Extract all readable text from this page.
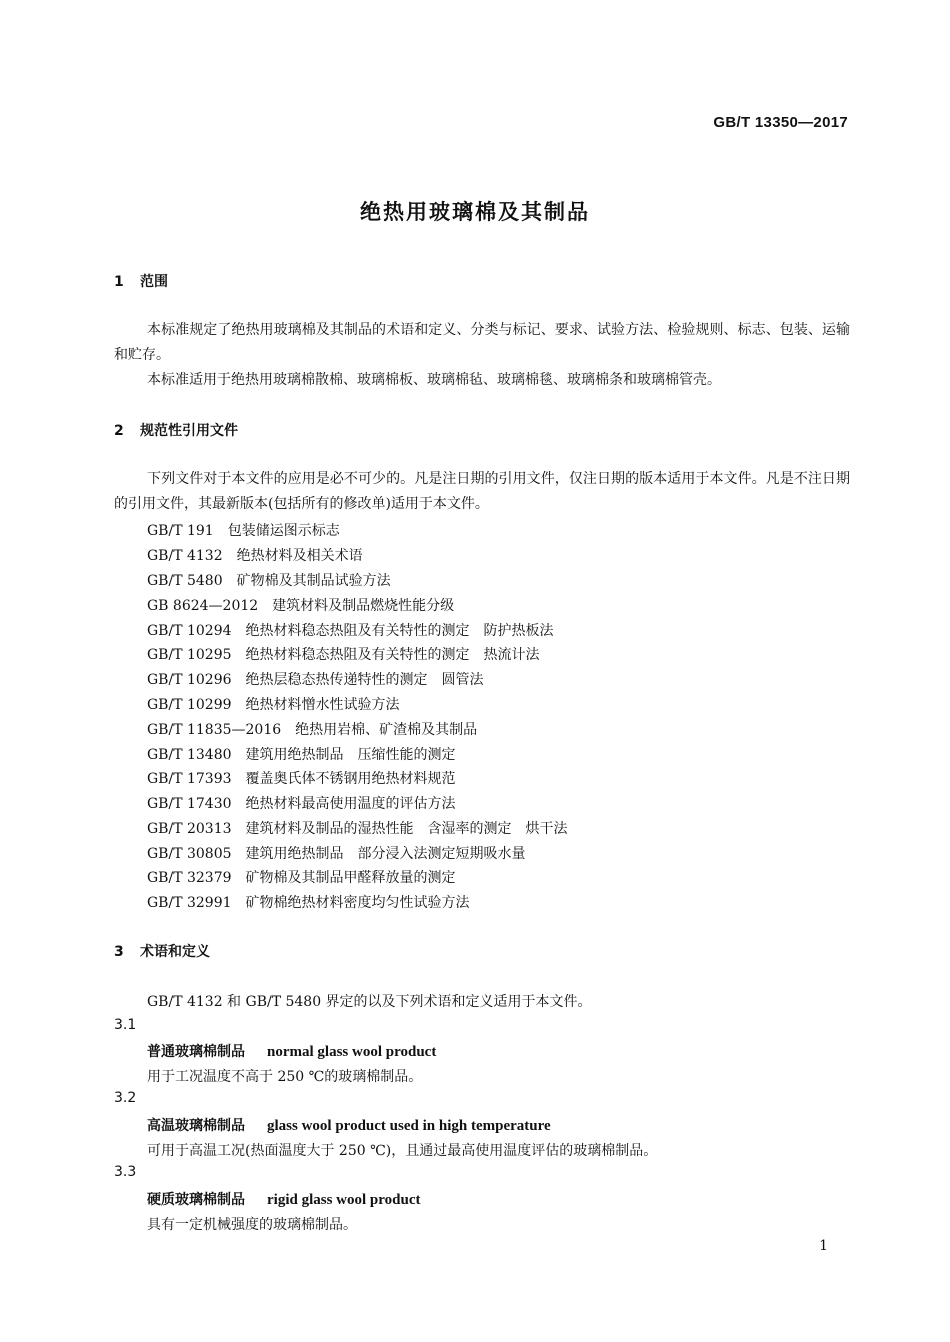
GB/T 13350—2017
绝热用玻璃棉及其制品
1 范围
本标准规定了绝热用玻璃棉及其制品的术语和定义、分类与标记、要求、试验方法、检验规则、标志、包装、运输和贮存。
本标准适用于绝热用玻璃棉散棉、玻璃棉板、玻璃棉毡、玻璃棉毯、玻璃棉条和玻璃棉管壳。
2 规范性引用文件
下列文件对于本文件的应用是必不可少的。凡是注日期的引用文件，仅注日期的版本适用于本文件。凡是不注日期的引用文件，其最新版本(包括所有的修改单)适用于本文件。
GB/T 191 包装储运图示标志
GB/T 4132 绝热材料及相关术语
GB/T 5480 矿物棉及其制品试验方法
GB 8624—2012 建筑材料及制品燃烧性能分级
GB/T 10294 绝热材料稳态热阻及有关特性的测定　防护热板法
GB/T 10295 绝热材料稳态热阻及有关特性的测定　热流计法
GB/T 10296 绝热层稳态热传递特性的测定　圆管法
GB/T 10299 绝热材料憎水性试验方法
GB/T 11835—2016 绝热用岩棉、矿渣棉及其制品
GB/T 13480 建筑用绝热制品　压缩性能的测定
GB/T 17393 覆盖奥氏体不锈钢用绝热材料规范
GB/T 17430 绝热材料最高使用温度的评估方法
GB/T 20313 建筑材料及制品的湿热性能　含湿率的测定　烘干法
GB/T 30805 建筑用绝热制品　部分浸入法测定短期吸水量
GB/T 32379 矿物棉及其制品甲醛释放量的测定
GB/T 32991 矿物棉绝热材料密度均匀性试验方法
3 术语和定义
GB/T 4132 和 GB/T 5480 界定的以及下列术语和定义适用于本文件。
3.1
普通玻璃棉制品 normal glass wool product
用于工况温度不高于 250 ℃的玻璃棉制品。
3.2
高温玻璃棉制品 glass wool product used in high temperature
可用于高温工况(热面温度大于 250 ℃)，且通过最高使用温度评估的玻璃棉制品。
3.3
硬质玻璃棉制品 rigid glass wool product
具有一定机械强度的玻璃棉制品。
1
